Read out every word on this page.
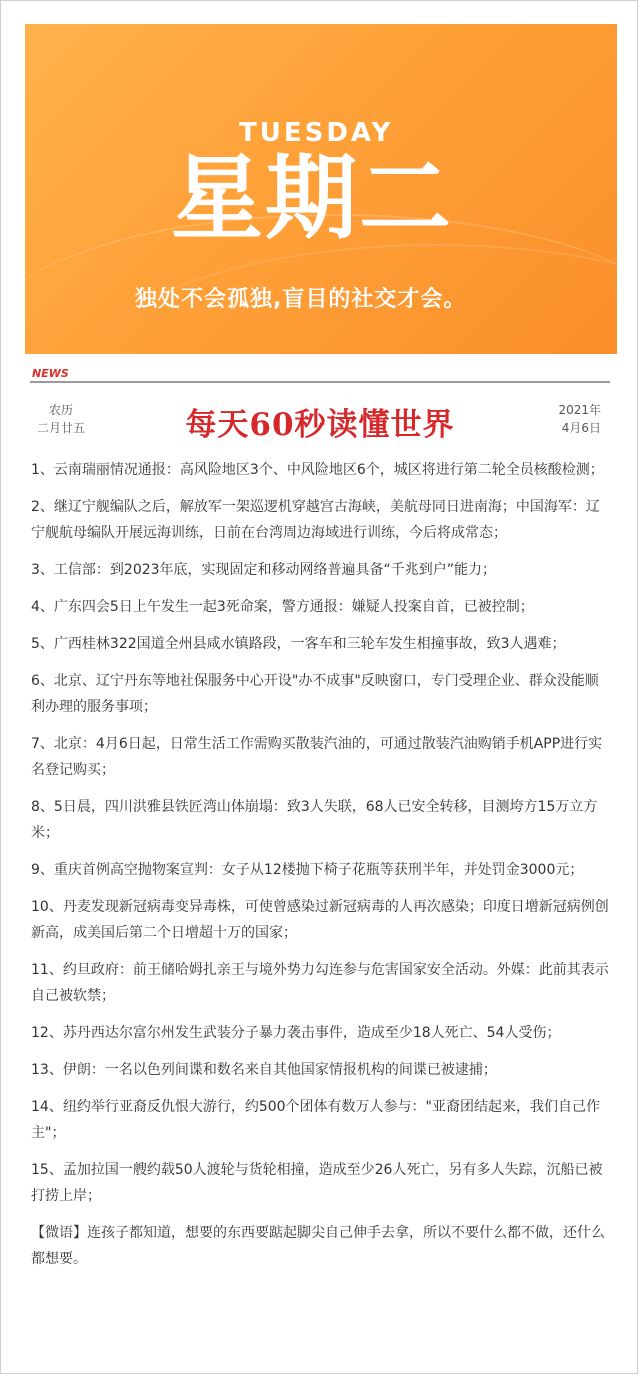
TUESDAY
星期二
独处不会孤独,盲目的社交才会。
NEWS
农历
二月廿五	每天60秒读懂世界	2021年
4月6日
1、云南瑞丽情况通报：高风险地区3个、中风险地区6个，城区将进行第二轮全员核酸检测；
2、继辽宁舰编队之后，解放军一架巡逻机穿越宫古海峡，美航母同日进南海；中国海军：辽宁舰航母编队开展远海训练，日前在台湾周边海域进行训练，今后将成常态；
3、工信部：到2023年底，实现固定和移动网络普遍具备“千兆到户”能力；
4、广东四会5日上午发生一起3死命案，警方通报：嫌疑人投案自首，已被控制；
5、广西桂林322国道全州县咸水镇路段，一客车和三轮车发生相撞事故，致3人遇难；
6、北京、辽宁丹东等地社保服务中心开设"办不成事"反映窗口，专门受理企业、群众没能顺利办理的服务事项；
7、北京：4月6日起，日常生活工作需购买散装汽油的，可通过散装汽油购销手机APP进行实名登记购买；
8、5日晨，四川洪雅县铁匠湾山体崩塌：致3人失联，68人已安全转移，目测垮方15万立方米；
9、重庆首例高空抛物案宣判：女子从12楼抛下椅子花瓶等获刑半年，并处罚金3000元；
10、丹麦发现新冠病毒变异毒株，可使曾感染过新冠病毒的人再次感染；印度日增新冠病例创新高，成美国后第二个日增超十万的国家；
11、约旦政府：前王储哈姆扎亲王与境外势力勾连参与危害国家安全活动。外媒：此前其表示自己被软禁；
12、苏丹西达尔富尔州发生武装分子暴力袭击事件，造成至少18人死亡、54人受伤；
13、伊朗：一名以色列间谍和数名来自其他国家情报机构的间谍已被逮捕；
14、纽约举行亚裔反仇恨大游行，约500个团体有数万人参与："亚裔团结起来，我们自己作主"；
15、孟加拉国一艘约载50人渡轮与货轮相撞，造成至少26人死亡，另有多人失踪，沉船已被打捞上岸；
【微语】连孩子都知道，想要的东西要踮起脚尖自己伸手去拿，所以不要什么都不做，还什么都想要。
